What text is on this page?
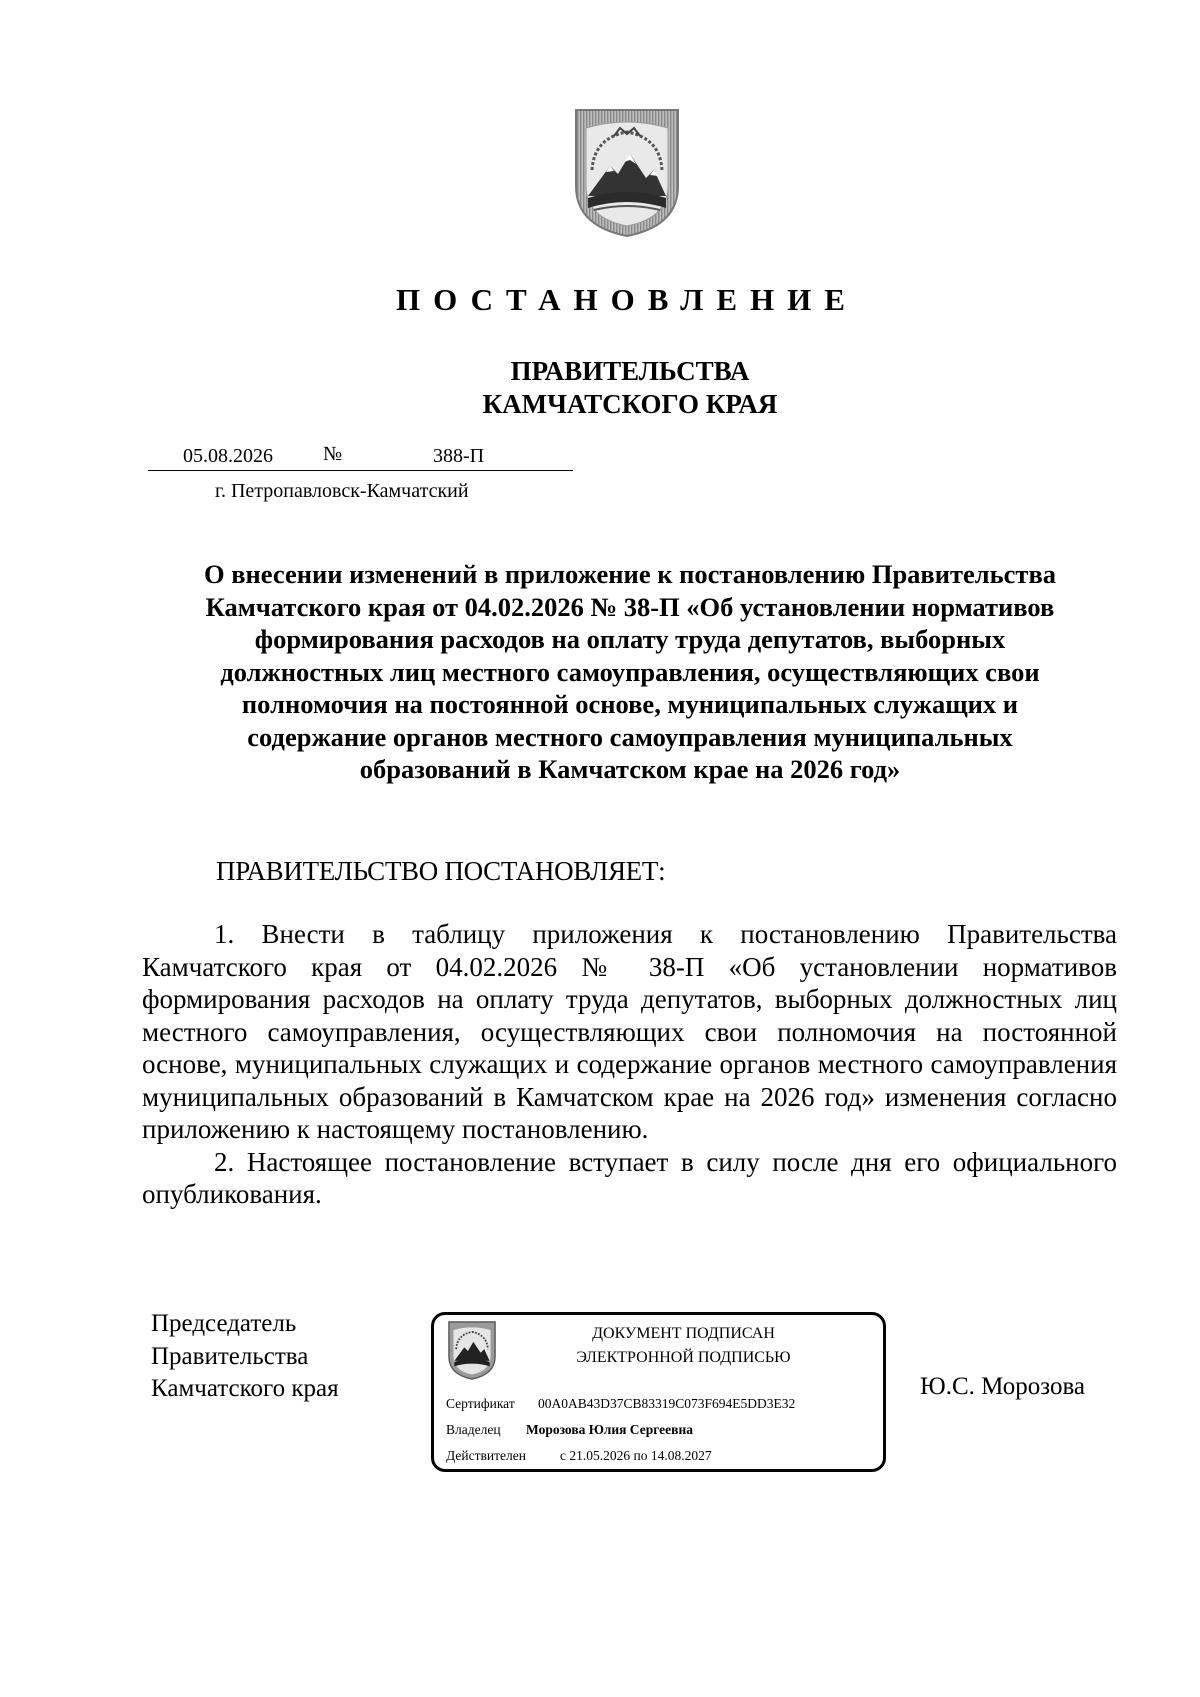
ПОСТАНОВЛЕНИЕ
ПРАВИТЕЛЬСТВА
КАМЧАТСКОГО КРАЯ
05.08.2026	№	388-П
г. Петропавловск-Камчатский
О внесении изменений в приложение к постановлению Правительства
Камчатского края от 04.02.2026 № 38-П «Об установлении нормативов
формирования расходов на оплату труда депутатов, выборных
должностных лиц местного самоуправления, осуществляющих свои
полномочия на постоянной основе, муниципальных служащих и
содержание органов местного самоуправления муниципальных
образований в Камчатском крае на 2026 год»
ПРАВИТЕЛЬСТВО ПОСТАНОВЛЯЕТ:

1. Внести в таблицу приложения к постановлению Правительства Камчатского края от 04.02.2026 № 38-П «Об установлении нормативов формирования расходов на оплату труда депутатов, выборных должностных лиц местного самоуправления, осуществляющих свои полномочия на постоянной основе, муниципальных служащих и содержание органов местного самоуправления муниципальных образований в Камчатском крае на 2026 год» изменения согласно приложению к настоящему постановлению.

2. Настоящее постановление вступает в силу после дня его официального опубликования.

Председатель
Правительства
Камчатского края
ДОКУМЕНТ ПОДПИСАН
ЭЛЕКТРОННОЙ ПОДПИСЬЮ
Сертификат 00A0AB43D37CB83319C073F694E5DD3E32
Владелец Морозова Юлия Сергеевна
Действителен	с 21.05.2026 по 14.08.2027
Ю.С. Морозова
